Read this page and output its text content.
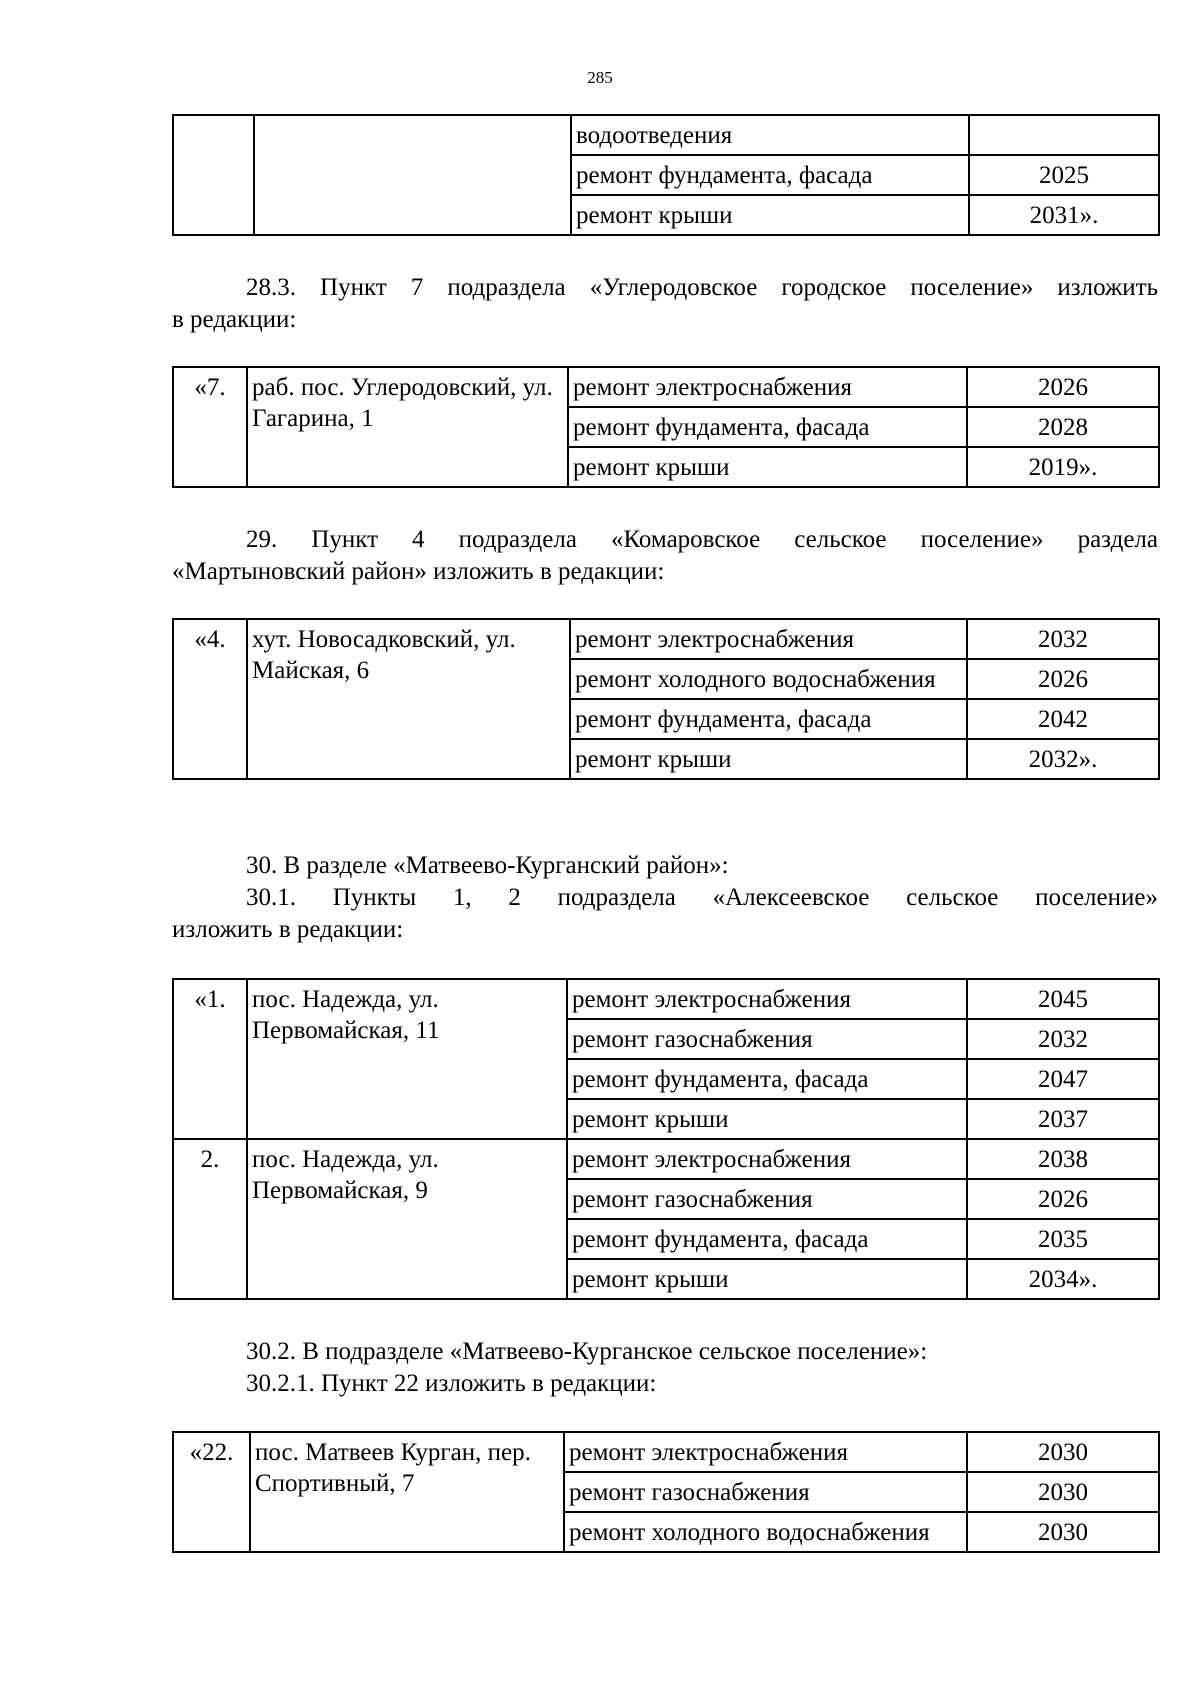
285
		водоотведения	
		ремонт фундамента, фасада	2025
		ремонт крыши	2031».
28.3. Пункт 7 подраздела «Углеродовское городское поселение» изложить
в редакции:
«7.	раб. пос. Углеродовский, ул. Гагарина, 1	ремонт электроснабжения	2026
		ремонт фундамента, фасада	2028
		ремонт крыши	2019».
29. Пункт 4 подраздела «Комаровское сельское поселение» раздела
«Мартыновский район» изложить в редакции:
«4.	хут. Новосадковский, ул. Майская, 6	ремонт электроснабжения	2032
		ремонт холодного водоснабжения	2026
		ремонт фундамента, фасада	2042
		ремонт крыши	2032».
30. В разделе «Матвеево-Курганский район»:
30.1. Пункты 1, 2 подраздела «Алексеевское сельское поселение»
изложить в редакции:
«1.	пос. Надежда, ул. Первомайская, 11	ремонт электроснабжения	2045
		ремонт газоснабжения	2032
		ремонт фундамента, фасада	2047
		ремонт крыши	2037
2.	пос. Надежда, ул. Первомайская, 9	ремонт электроснабжения	2038
		ремонт газоснабжения	2026
		ремонт фундамента, фасада	2035
		ремонт крыши	2034».
30.2. В подразделе «Матвеево-Курганское сельское поселение»:
30.2.1. Пункт 22 изложить в редакции:
«22.	пос. Матвеев Курган, пер. Спортивный, 7	ремонт электроснабжения	2030
		ремонт газоснабжения	2030
		ремонт холодного водоснабжения	2030
